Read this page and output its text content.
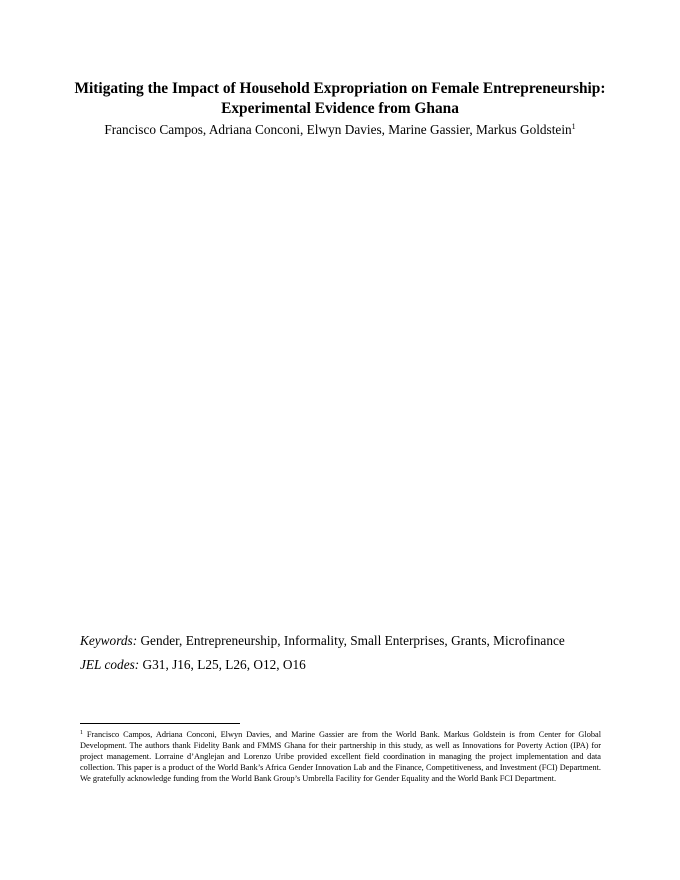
Mitigating the Impact of Household Expropriation on Female Entrepreneurship:
Experimental Evidence from Ghana
Francisco Campos, Adriana Conconi, Elwyn Davies, Marine Gassier, Markus Goldstein$^1$
Keywords: Gender, Entrepreneurship, Informality, Small Enterprises, Grants, Microfinance
JEL codes: G31, J16, L25, L26, O12, O16
$^1$ Francisco Campos, Adriana Conconi, Elwyn Davies, and Marine Gassier are from the World Bank. Markus Goldstein is from Center for Global Development. The authors thank Fidelity Bank and FMMS Ghana for their partnership in this study, as well as Innovations for Poverty Action (IPA) for project management. Lorraine d’Anglejan and Lorenzo Uribe provided excellent field coordination in managing the project implementation and data collection. This paper is a product of the World Bank’s Africa Gender Innovation Lab and the Finance, Competitiveness, and Investment (FCI) Department. We gratefully acknowledge funding from the World Bank Group’s Umbrella Facility for Gender Equality and the World Bank FCI Department.
